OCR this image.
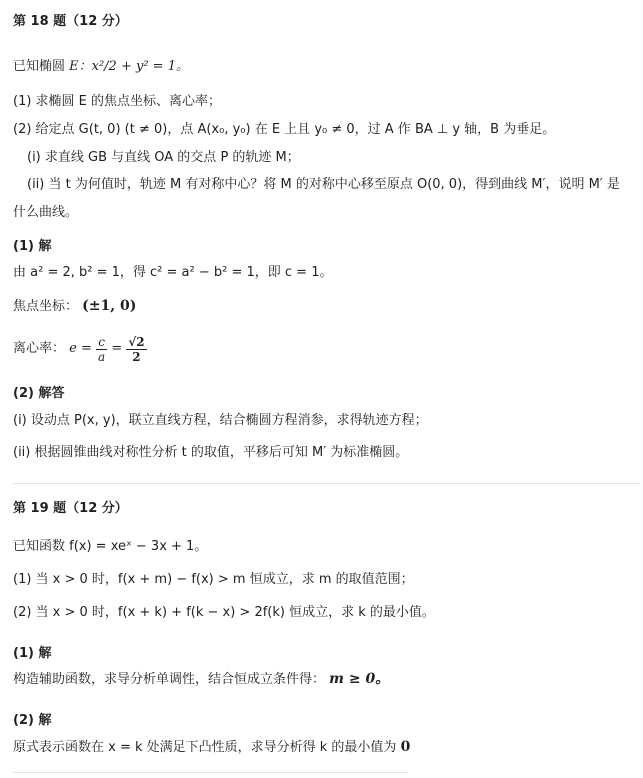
第 18 题（12 分）
已知椭圆 E：x²/2 + y² = 1。
(1) 求椭圆 E 的焦点坐标、离心率；
(2) 给定点 G(t, 0) (t ≠ 0)，点 A(x₀, y₀) 在 E 上且 y₀ ≠ 0，过 A 作 BA ⊥ y 轴，B 为垂足。
(i) 求直线 GB 与直线 OA 的交点 P 的轨迹 M；
(ii) 当 t 为何值时，轨迹 M 有对称中心？将 M 的对称中心移至原点 O(0, 0)，得到曲线 M′，说明 M′ 是
什么曲线。
(1) 解
由 a² = 2, b² = 1，得 c² = a² − b² = 1，即 c = 1。
焦点坐标： (±1, 0)
离心率： $e = \frac{c}{a} = \frac{√2}{2}$
(2) 解答
(i) 设动点 P(x, y)，联立直线方程，结合椭圆方程消参，求得轨迹方程；
(ii) 根据圆锥曲线对称性分析 t 的取值，平移后可知 M′ 为标准椭圆。
第 19 题（12 分）
已知函数 f(x) = xeˣ − 3x + 1。
(1) 当 x > 0 时，f(x + m) − f(x) > m 恒成立，求 m 的取值范围；
(2) 当 x > 0 时，f(x + k) + f(k − x) > 2f(k) 恒成立，求 k 的最小值。
(1) 解
构造辅助函数，求导分析单调性，结合恒成立条件得： m ≥ 0。
(2) 解
原式表示函数在 x = k 处满足下凸性质，求导分析得 k 的最小值为 0
